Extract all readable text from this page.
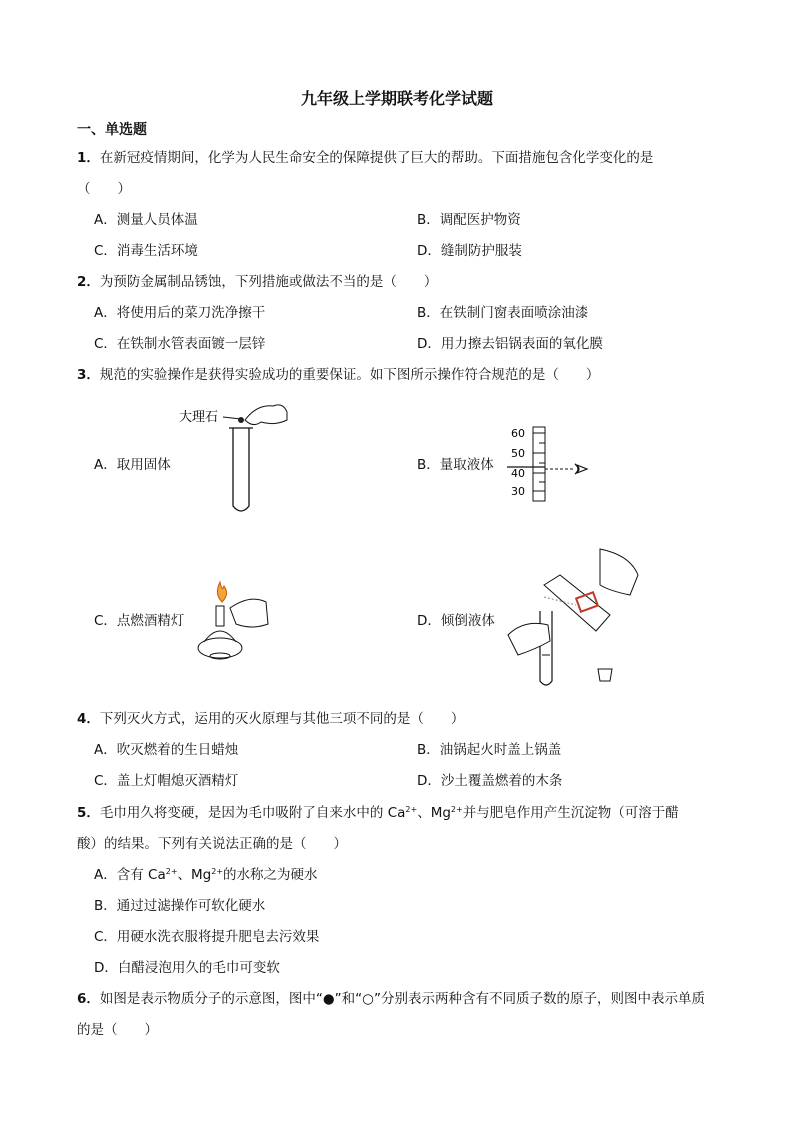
九年级上学期联考化学试题
一、单选题
1．在新冠疫情期间，化学为人民生命安全的保障提供了巨大的帮助。下面措施包含化学变化的是
（　　）
A．测量人员体温	B．调配医护物资
C．消毒生活环境	D．缝制防护服装
2．为预防金属制品锈蚀，下列措施或做法不当的是（　　）
A．将使用后的菜刀洗净擦干	B．在铁制门窗表面喷涂油漆
C．在铁制水管表面镀一层锌	D．用力擦去铝锅表面的氧化膜
3．规范的实验操作是获得实验成功的重要保证。如下图所示操作符合规范的是（　　）
A．取用固体	B．量取液体
C．点燃酒精灯	D．倾倒液体
大理石
60
50
40
30
4．下列灭火方式，运用的灭火原理与其他三项不同的是（　　）
A．吹灭燃着的生日蜡烛	B．油锅起火时盖上锅盖
C．盖上灯帽熄灭酒精灯	D．沙土覆盖燃着的木条
5．毛巾用久将变硬，是因为毛巾吸附了自来水中的 $Ca^{2+}$、$Mg^{2+}$并与肥皂作用产生沉淀物（可溶于醋
酸）的结果。下列有关说法正确的是（　　）
A．含有 $Ca^{2+}$、$Mg^{2+}$的水称之为硬水
B．通过过滤操作可软化硬水
C．用硬水洗衣服将提升肥皂去污效果
D．白醋浸泡用久的毛巾可变软
6．如图是表示物质分子的示意图，图中“●”和“○”分别表示两种含有不同质子数的原子，则图中表示单质
的是（　　）
